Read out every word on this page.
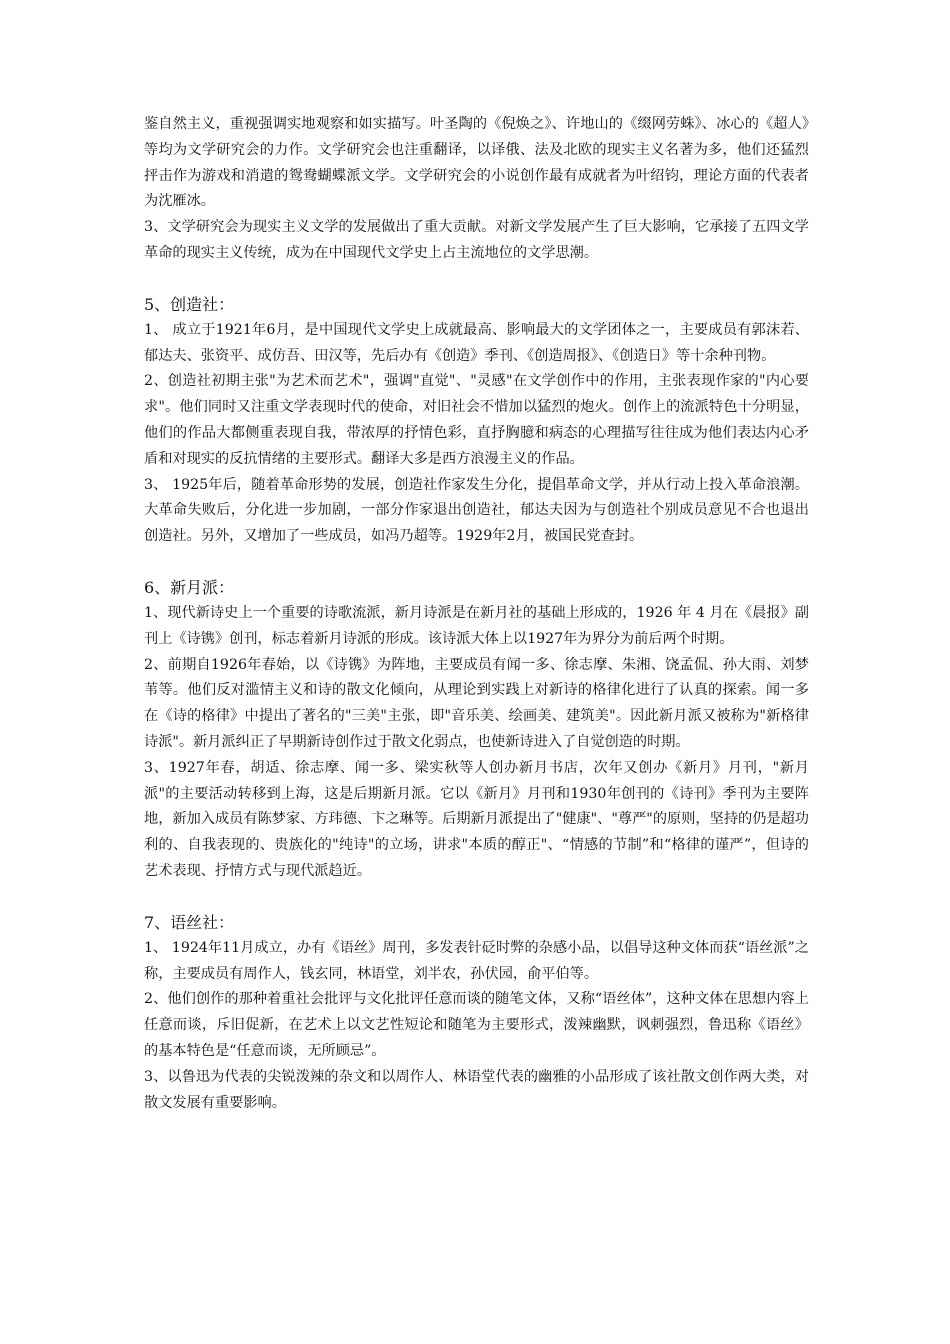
鉴自然主义，重视强调实地观察和如实描写。叶圣陶的《倪焕之》、许地山的《缀网劳蛛》、冰心的《超人》等均为文学研究会的力作。文学研究会也注重翻译，以译俄、法及北欧的现实主义名著为多，他们还猛烈抨击作为游戏和消遣的鸳鸯蝴蝶派文学。文学研究会的小说创作最有成就者为叶绍钧，理论方面的代表者为沈雁冰。

3、文学研究会为现实主义文学的发展做出了重大贡献。对新文学发展产生了巨大影响，它承接了五四文学革命的现实主义传统，成为在中国现代文学史上占主流地位的文学思潮。

5、创造社：

1、 成立于1921年6月，是中国现代文学史上成就最高、影响最大的文学团体之一，主要成员有郭沫若、郁达夫、张资平、成仿吾、田汉等，先后办有《创造》季刊、《创造周报》、《创造日》等十余种刊物。

2、创造社初期主张"为艺术而艺术"，强调"直觉"、"灵感"在文学创作中的作用，主张表现作家的"内心要求"。他们同时又注重文学表现时代的使命，对旧社会不惜加以猛烈的炮火。创作上的流派特色十分明显，他们的作品大都侧重表现自我，带浓厚的抒情色彩，直抒胸臆和病态的心理描写往往成为他们表达内心矛盾和对现实的反抗情绪的主要形式。翻译大多是西方浪漫主义的作品。

3、 1925年后，随着革命形势的发展，创造社作家发生分化，提倡革命文学，并从行动上投入革命浪潮。大革命失败后，分化进一步加剧，一部分作家退出创造社，郁达夫因为与创造社个别成员意见不合也退出创造社。另外，又增加了一些成员，如冯乃超等。1929年2月，被国民党查封。

6、新月派：

1、现代新诗史上一个重要的诗歌流派，新月诗派是在新月社的基础上形成的，1926 年 4 月在《晨报》副刊上《诗镌》创刊，标志着新月诗派的形成。该诗派大体上以1927年为界分为前后两个时期。

2、前期自1926年春始，以《诗镌》为阵地，主要成员有闻一多、徐志摩、朱湘、饶孟侃、孙大雨、刘梦苇等。他们反对滥情主义和诗的散文化倾向，从理论到实践上对新诗的格律化进行了认真的探索。闻一多在《诗的格律》中提出了著名的"三美"主张，即"音乐美、绘画美、建筑美"。因此新月派又被称为"新格律诗派"。新月派纠正了早期新诗创作过于散文化弱点，也使新诗进入了自觉创造的时期。

3、1927年春，胡适、徐志摩、闻一多、梁实秋等人创办新月书店，次年又创办《新月》月刊，"新月派"的主要活动转移到上海，这是后期新月派。它以《新月》月刊和1930年创刊的《诗刊》季刊为主要阵地，新加入成员有陈梦家、方玮德、卞之琳等。后期新月派提出了"健康"、"尊严"的原则，坚持的仍是超功利的、自我表现的、贵族化的"纯诗"的立场，讲求"本质的醇正"、“情感的节制”和“格律的谨严”，但诗的艺术表现、抒情方式与现代派趋近。

7、语丝社：

1、 1924年11月成立，办有《语丝》周刊，多发表针砭时弊的杂感小品，以倡导这种文体而获“语丝派”之称，主要成员有周作人，钱玄同，林语堂，刘半农，孙伏园，俞平伯等。

2、他们创作的那种着重社会批评与文化批评任意而谈的随笔文体，又称“语丝体”，这种文体在思想内容上任意而谈，斥旧促新，在艺术上以文艺性短论和随笔为主要形式，泼辣幽默，讽刺强烈，鲁迅称《语丝》的基本特色是“任意而谈，无所顾忌”。

3、以鲁迅为代表的尖锐泼辣的杂文和以周作人、林语堂代表的幽雅的小品形成了该社散文创作两大类，对散文发展有重要影响。
